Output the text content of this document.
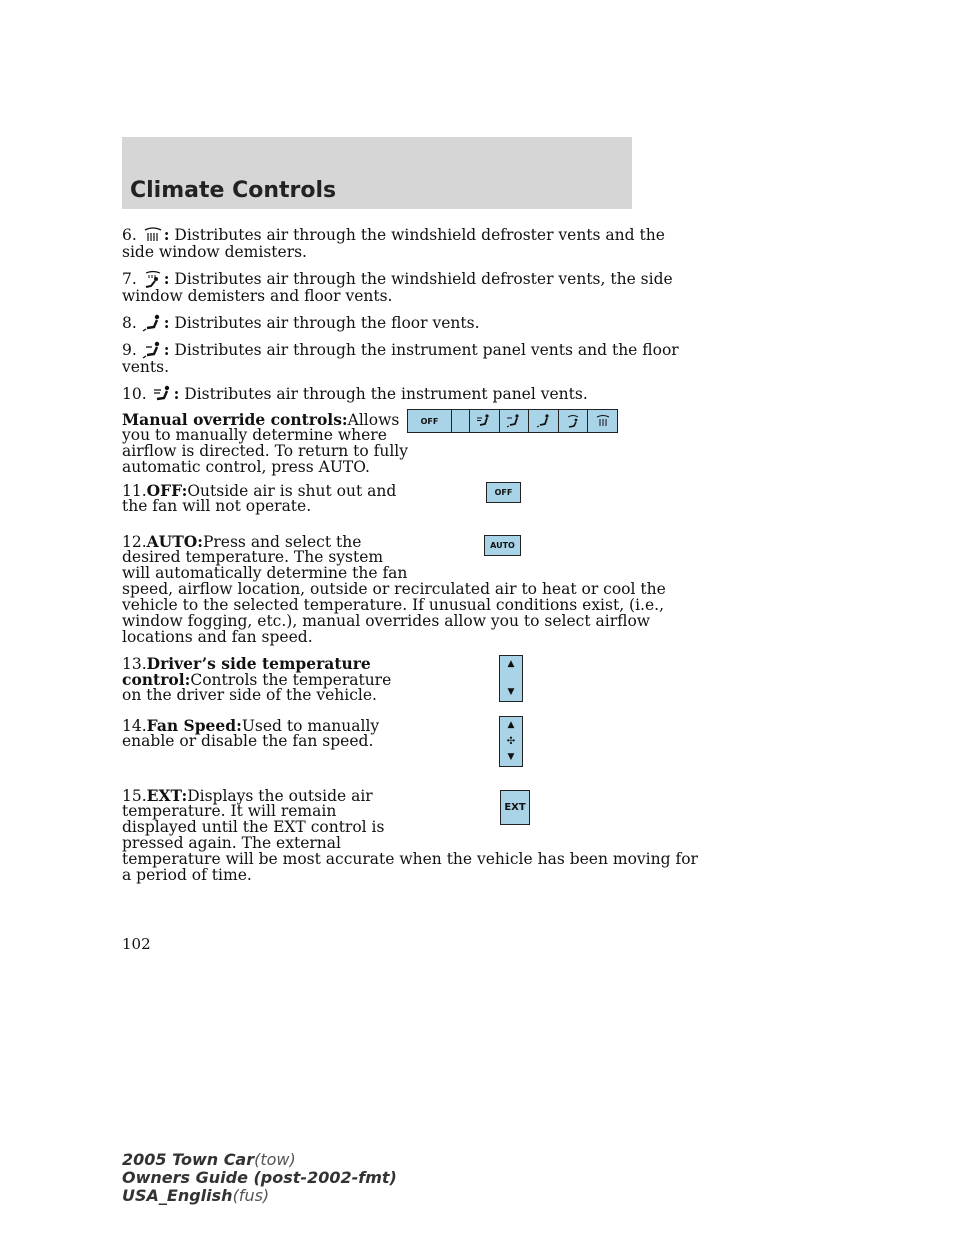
Climate Controls
6. : Distributes air through the windshield defroster vents and the
side window demisters.
7. : Distributes air through the windshield defroster vents, the side
window demisters and floor vents.
8. : Distributes air through the floor vents.
9. : Distributes air through the instrument panel vents and the floor
vents.
10. : Distributes air through the instrument panel vents.
Manual override controls:Allows
you to manually determine where
airflow is directed. To return to fully
automatic control, press AUTO.
OFF
11.OFF:Outside air is shut out and
the fan will not operate.
OFF
12.AUTO:Press and select the
desired temperature. The system
will automatically determine the fan
speed, airflow location, outside or recirculated air to heat or cool the
vehicle to the selected temperature. If unusual conditions exist, (i.e.,
window fogging, etc.), manual overrides allow you to select airflow
locations and fan speed.
AUTO
13.Driver’s side temperature
control:Controls the temperature
on the driver side of the vehicle.
▲
▼
14.Fan Speed:Used to manually
enable or disable the fan speed.
▲
✣
▼
15.EXT:Displays the outside air
temperature. It will remain
displayed until the EXT control is
pressed again. The external
temperature will be most accurate when the vehicle has been moving for
a period of time.
EXT
102
2005 Town Car(tow)
Owners Guide (post-2002-fmt)
USA_English(fus)
